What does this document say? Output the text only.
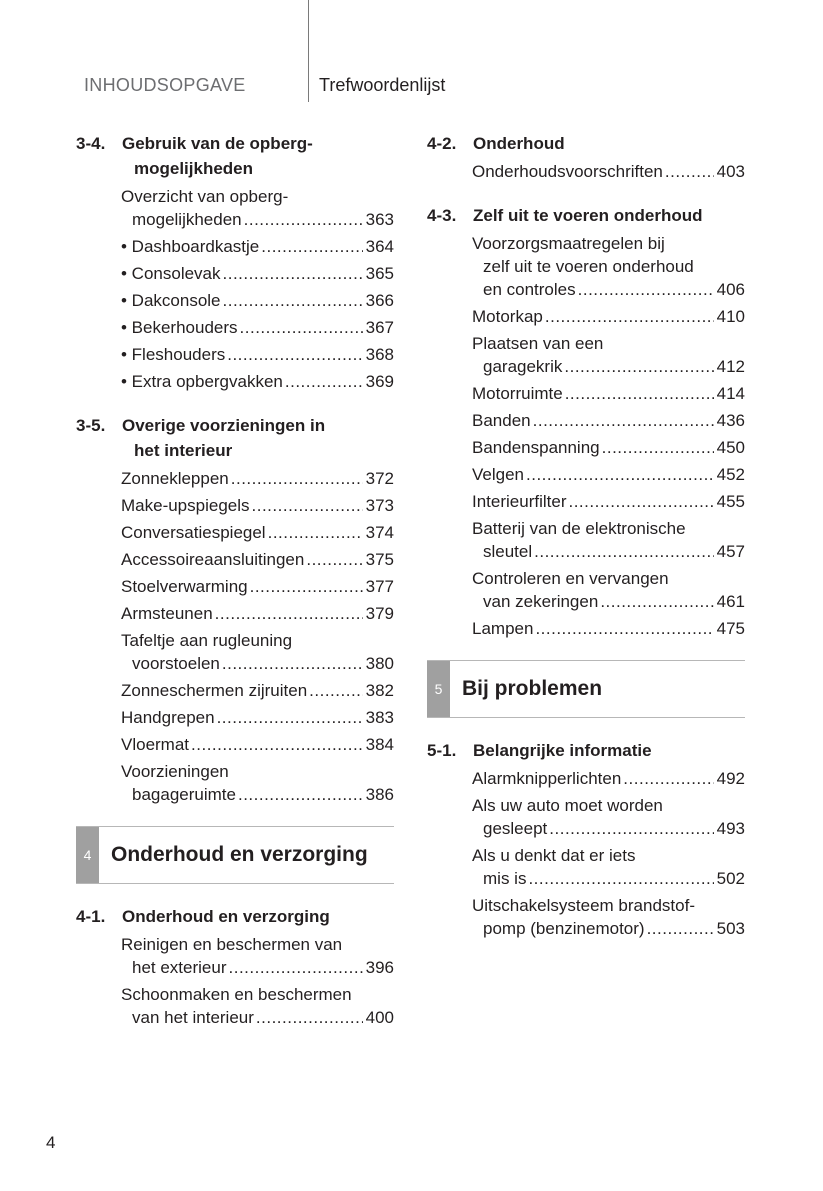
INHOUDSOPGAVE	Trefwoordenlijst
3-4. Gebruik van de opberg-
mogelijkheden
Overzicht van opberg-
mogelijkheden .....	363
• Dashboardkastje .....	364
• Consolevak .....	365
• Dakconsole .....	366
• Bekerhouders .....	367
• Fleshouders .....	368
• Extra opbergvakken .....	369
3-5. Overige voorzieningen in
het interieur
Zonnekleppen .....	372
Make-upspiegels .....	373
Conversatiespiegel .....	374
Accessoireaansluitingen .....	375
Stoelverwarming .....	377
Armsteunen .....	379
Tafeltje aan rugleuning
voorstoelen .....	380
Zonneschermen zijruiten .....	382
Handgrepen .....	383
Vloermat .....	384
Voorzieningen
bagageruimte .....	386
4 Onderhoud en verzorging
4-1. Onderhoud en verzorging
Reinigen en beschermen van
het exterieur .....	396
Schoonmaken en beschermen
van het interieur .....	400
4-2. Onderhoud
Onderhoudsvoorschriften .....	403
4-3. Zelf uit te voeren onderhoud
Voorzorgsmaatregelen bij
zelf uit te voeren onderhoud
en controles .....	406
Motorkap .....	410
Plaatsen van een
garagekrik .....	412
Motorruimte .....	414
Banden .....	436
Bandenspanning .....	450
Velgen .....	452
Interieurfilter .....	455
Batterij van de elektronische
sleutel .....	457
Controleren en vervangen
van zekeringen .....	461
Lampen .....	475
5 Bij problemen
5-1. Belangrijke informatie
Alarmknipperlichten .....	492
Als uw auto moet worden
gesleept .....	493
Als u denkt dat er iets
mis is .....	502
Uitschakelsysteem brandstof-
pomp (benzinemotor) .....	503
4
